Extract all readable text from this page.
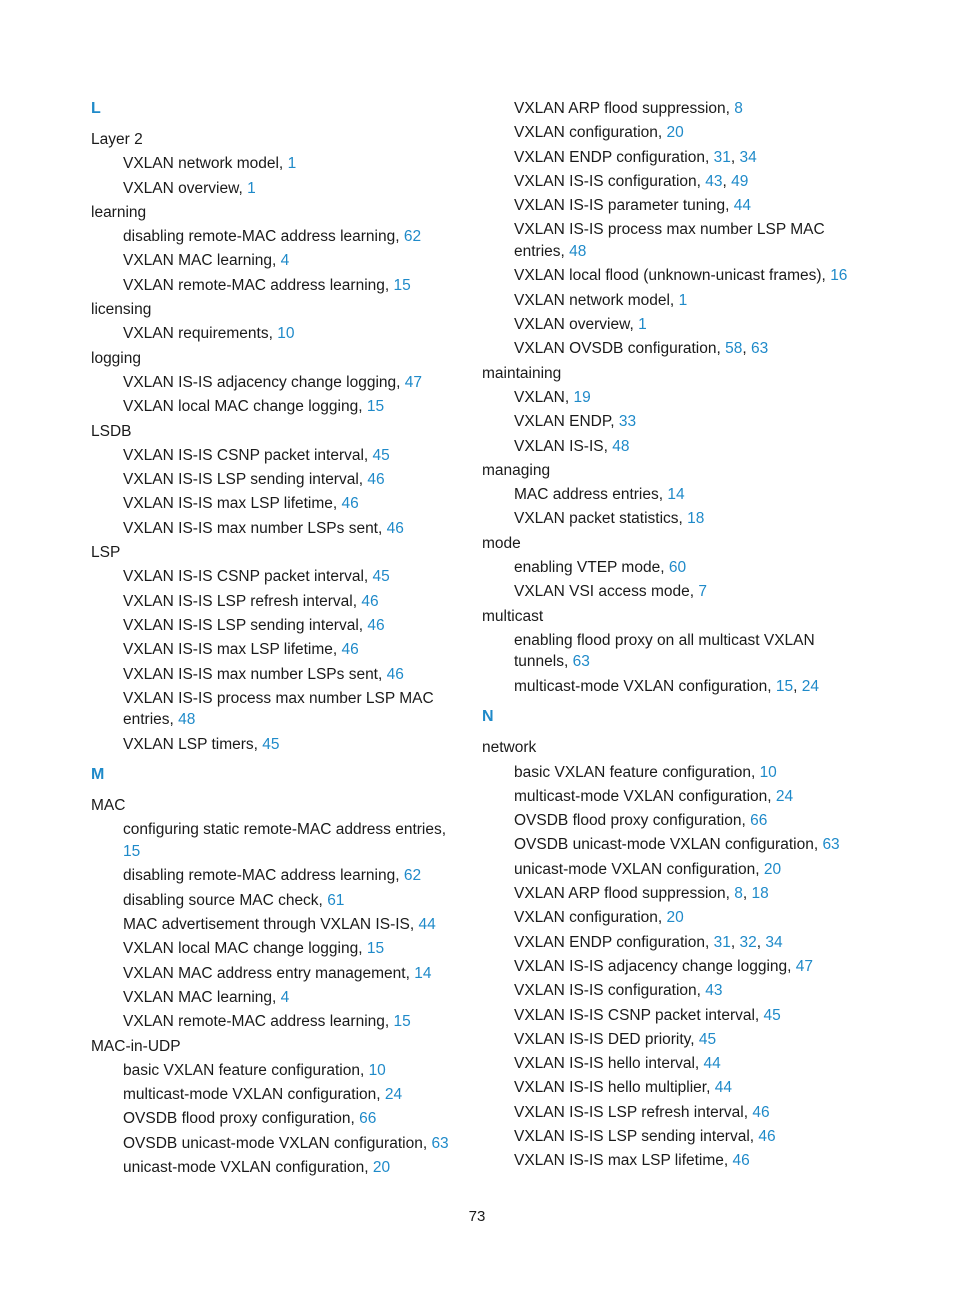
L
Layer 2
VXLAN network model, 1
VXLAN overview, 1
learning
disabling remote-MAC address learning, 62
VXLAN MAC learning, 4
VXLAN remote-MAC address learning, 15
licensing
VXLAN requirements, 10
logging
VXLAN IS-IS adjacency change logging, 47
VXLAN local MAC change logging, 15
LSDB
VXLAN IS-IS CSNP packet interval, 45
VXLAN IS-IS LSP sending interval, 46
VXLAN IS-IS max LSP lifetime, 46
VXLAN IS-IS max number LSPs sent, 46
LSP
VXLAN IS-IS CSNP packet interval, 45
VXLAN IS-IS LSP refresh interval, 46
VXLAN IS-IS LSP sending interval, 46
VXLAN IS-IS max LSP lifetime, 46
VXLAN IS-IS max number LSPs sent, 46
VXLAN IS-IS process max number LSP MAC entries, 48
VXLAN LSP timers, 45
M
MAC
configuring static remote-MAC address entries, 15
disabling remote-MAC address learning, 62
disabling source MAC check, 61
MAC advertisement through VXLAN IS-IS, 44
VXLAN local MAC change logging, 15
VXLAN MAC address entry management, 14
VXLAN MAC learning, 4
VXLAN remote-MAC address learning, 15
MAC-in-UDP
basic VXLAN feature configuration, 10
multicast-mode VXLAN configuration, 24
OVSDB flood proxy configuration, 66
OVSDB unicast-mode VXLAN configuration, 63
unicast-mode VXLAN configuration, 20
VXLAN ARP flood suppression, 8
VXLAN configuration, 20
VXLAN ENDP configuration, 31, 34
VXLAN IS-IS configuration, 43, 49
VXLAN IS-IS parameter tuning, 44
VXLAN IS-IS process max number LSP MAC entries, 48
VXLAN local flood (unknown-unicast frames), 16
VXLAN network model, 1
VXLAN overview, 1
VXLAN OVSDB configuration, 58, 63
maintaining
VXLAN, 19
VXLAN ENDP, 33
VXLAN IS-IS, 48
managing
MAC address entries, 14
VXLAN packet statistics, 18
mode
enabling VTEP mode, 60
VXLAN VSI access mode, 7
multicast
enabling flood proxy on all multicast VXLAN tunnels, 63
multicast-mode VXLAN configuration, 15, 24
N
network
basic VXLAN feature configuration, 10
multicast-mode VXLAN configuration, 24
OVSDB flood proxy configuration, 66
OVSDB unicast-mode VXLAN configuration, 63
unicast-mode VXLAN configuration, 20
VXLAN ARP flood suppression, 8, 18
VXLAN configuration, 20
VXLAN ENDP configuration, 31, 32, 34
VXLAN IS-IS adjacency change logging, 47
VXLAN IS-IS configuration, 43
VXLAN IS-IS CSNP packet interval, 45
VXLAN IS-IS DED priority, 45
VXLAN IS-IS hello interval, 44
VXLAN IS-IS hello multiplier, 44
VXLAN IS-IS LSP refresh interval, 46
VXLAN IS-IS LSP sending interval, 46
VXLAN IS-IS max LSP lifetime, 46
73
